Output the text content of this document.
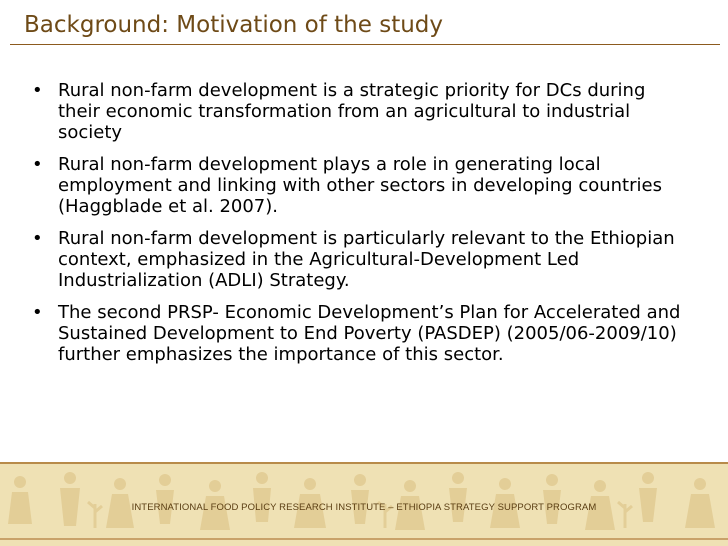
Background: Motivation of the study
• Rural non-farm development is a strategic priority for DCs during their economic transformation from an agricultural to industrial society
• Rural non-farm development plays a role in generating local employment and linking with other sectors in developing countries (Haggblade et al. 2007).
• Rural non-farm development is particularly relevant to the Ethiopian context, emphasized in the Agricultural-Development Led Industrialization (ADLI) Strategy.
• The second PRSP- Economic Development’s Plan for Accelerated and Sustained Development to End Poverty (PASDEP) (2005/06-2009/10) further emphasizes the importance of this sector.
INTERNATIONAL FOOD POLICY RESEARCH INSTITUTE – ETHIOPIA STRATEGY SUPPORT PROGRAM
